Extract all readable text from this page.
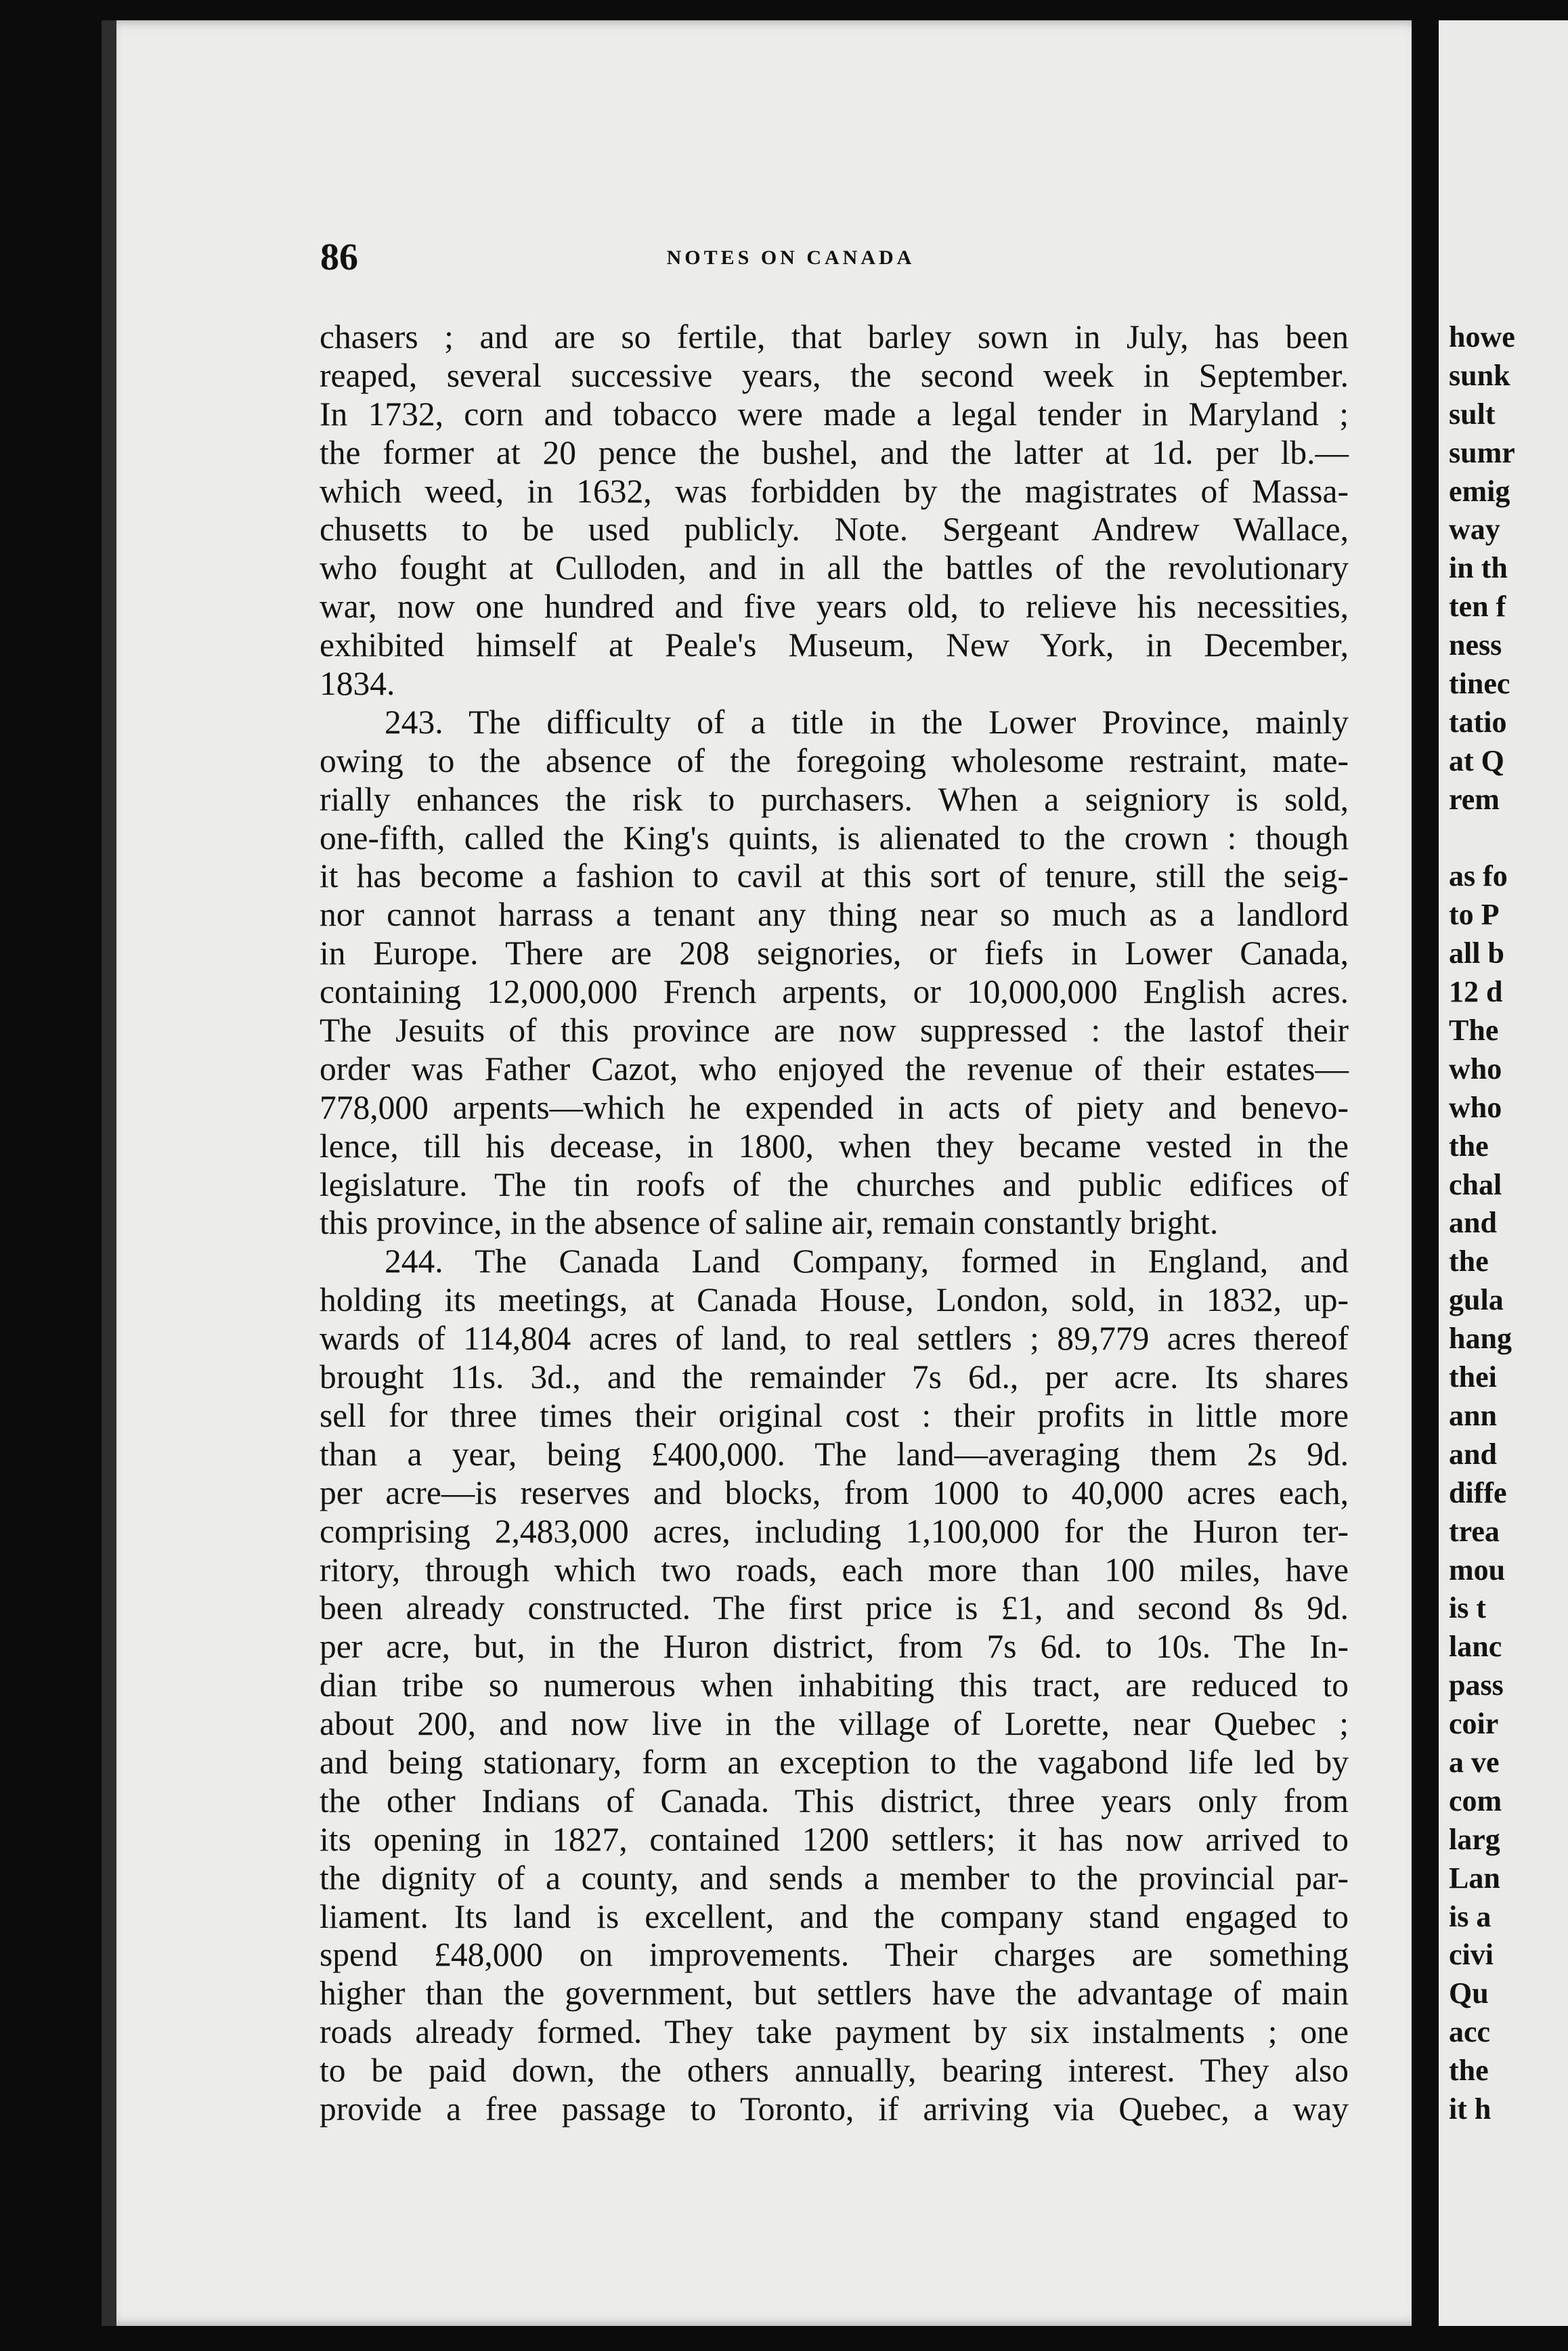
86	NOTES ON CANADA
chasers ; and are so fertile, that barley sown in July, has been
reaped, several successive years, the second week in September.
In 1732, corn and tobacco were made a legal tender in Maryland ;
the former at 20 pence the bushel, and the latter at 1d. per lb.—
which weed, in 1632, was forbidden by the magistrates of Massa-
chusetts to be used publicly. Note. Sergeant Andrew Wallace,
who fought at Culloden, and in all the battles of the revolutionary
war, now one hundred and five years old, to relieve his necessities,
exhibited himself at Peale's Museum, New York, in December,
1834.
243. The difficulty of a title in the Lower Province, mainly
owing to the absence of the foregoing wholesome restraint, mate-
rially enhances the risk to purchasers. When a seigniory is sold,
one-fifth, called the King's quints, is alienated to the crown : though
it has become a fashion to cavil at this sort of tenure, still the seig-
nor cannot harrass a tenant any thing near so much as a landlord
in Europe. There are 208 seignories, or fiefs in Lower Canada,
containing 12,000,000 French arpents, or 10,000,000 English acres.
The Jesuits of this province are now suppressed : the lastof their
order was Father Cazot, who enjoyed the revenue of their estates—
778,000 arpents—which he expended in acts of piety and benevo-
lence, till his decease, in 1800, when they became vested in the
legislature. The tin roofs of the churches and public edifices of
this province, in the absence of saline air, remain constantly bright.
244. The Canada Land Company, formed in England, and
holding its meetings, at Canada House, London, sold, in 1832, up-
wards of 114,804 acres of land, to real settlers ; 89,779 acres thereof
brought 11s. 3d., and the remainder 7s 6d., per acre. Its shares
sell for three times their original cost : their profits in little more
than a year, being £400,000. The land—averaging them 2s 9d.
per acre—is reserves and blocks, from 1000 to 40,000 acres each,
comprising 2,483,000 acres, including 1,100,000 for the Huron ter-
ritory, through which two roads, each more than 100 miles, have
been already constructed. The first price is £1, and second 8s 9d.
per acre, but, in the Huron district, from 7s 6d. to 10s. The In-
dian tribe so numerous when inhabiting this tract, are reduced to
about 200, and now live in the village of Lorette, near Quebec ;
and being stationary, form an exception to the vagabond life led by
the other Indians of Canada. This district, three years only from
its opening in 1827, contained 1200 settlers; it has now arrived to
the dignity of a county, and sends a member to the provincial par-
liament. Its land is excellent, and the company stand engaged to
spend £48,000 on improvements. Their charges are something
higher than the government, but settlers have the advantage of main
roads already formed. They take payment by six instalments ; one
to be paid down, the others annually, bearing interest. They also
provide a free passage to Toronto, if arriving via Quebec, a way
howe
sunk
sult
sumr
emig
way
in th
ten f
ness
tinec
tatio
at Q
rem
as fo
to P
all b
12 d
The
who
who
the
chal
and
the
gula
hang
thei
ann
and
diffe
trea
mou
is t
lanc
pass
coir
a ve
com
larg
Lan
is a
civi
Qu
acc
the
it h
